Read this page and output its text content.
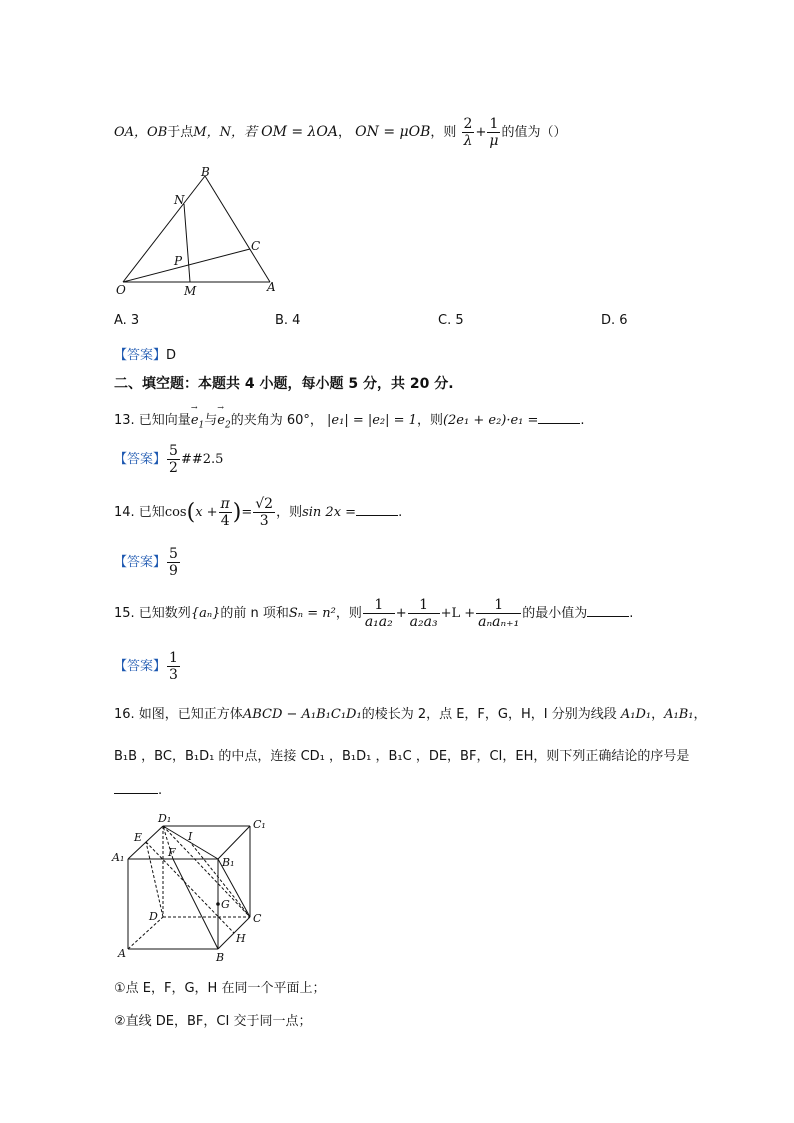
OA，OB于点M，N，若 OM = λOA， ON = μOB，则 $\frac{2}{\lambda} + \frac{1}{\mu}$ 的值为（）
B
N
C
P
O	M	A
A. 3	B. 4	C. 5	D. 6
【答案】D
二、填空题：本题共 4 小题，每小题 5 分，共 20 分.
13. 已知向量→ $e_1$与→ $e_2$的夹角为 60°， |e₁| = |e₂| = 1，则(2e₁ + e₂)·e₁ =	.
【答案】 $\frac{5}{2}$ ##2.5
14. 已知$\cos(x + \frac{\pi}{4}$ )= $\frac{√2}{3}$ ，则sin 2x =	.
【答案】 $\frac{5}{9}$
15. 已知数列{aₙ}的前 n 项和Sₙ = n²，则 $\frac{1}{\text{a₁a₂}} + \frac{1}{\text{a₂a₃}} +L + \frac{1}{\text{aₙaₙ₊₁}}$ 的最小值为	.
【答案】 $\frac{1}{3}$
16. 如图，已知正方体ABCD − A₁B₁C₁D₁的棱长为 2，点 E，F，G，H，I 分别为线段 A₁D₁，A₁B₁，
B₁B ，BC，B₁D₁ 的中点，连接 CD₁ ，B₁D₁ ，B₁C ，DE，BF，CI，EH，则下列正确结论的序号是
.
D₁	C₁
E	I
A₁	F
B₁
D
G
C
H
A	B
①点 E，F，G，H 在同一个平面上；
②直线 DE，BF，CI 交于同一点；
